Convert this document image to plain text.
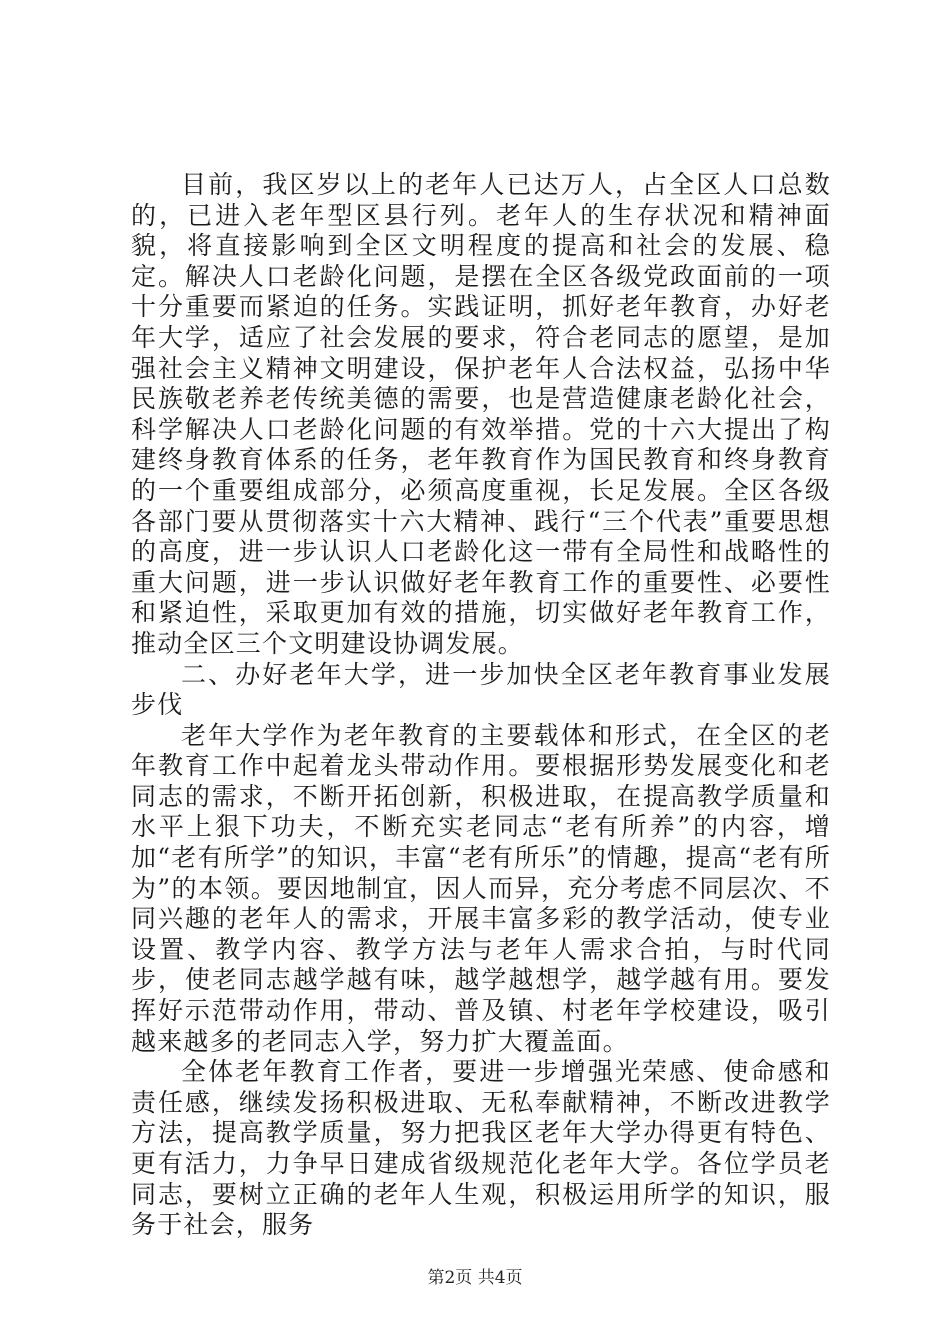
目前，我区岁以上的老年人已达万人，占全区人口总数的，已进入老年型区县行列。老年人的生存状况和精神面貌，将直接影响到全区文明程度的提高和社会的发展、稳定。解决人口老龄化问题，是摆在全区各级党政面前的一项十分重要而紧迫的任务。实践证明，抓好老年教育，办好老年大学，适应了社会发展的要求，符合老同志的愿望，是加强社会主义精神文明建设，保护老年人合法权益，弘扬中华民族敬老养老传统美德的需要，也是营造健康老龄化社会，科学解决人口老龄化问题的有效举措。党的十六大提出了构建终身教育体系的任务，老年教育作为国民教育和终身教育的一个重要组成部分，必须高度重视，长足发展。全区各级各部门要从贯彻落实十六大精神、践行“三个代表”重要思想的高度，进一步认识人口老龄化这一带有全局性和战略性的重大问题，进一步认识做好老年教育工作的重要性、必要性和紧迫性，采取更加有效的措施，切实做好老年教育工作，推动全区三个文明建设协调发展。

二、办好老年大学，进一步加快全区老年教育事业发展步伐

老年大学作为老年教育的主要载体和形式，在全区的老年教育工作中起着龙头带动作用。要根据形势发展变化和老同志的需求，不断开拓创新，积极进取，在提高教学质量和水平上狠下功夫，不断充实老同志“老有所养”的内容，增加“老有所学”的知识，丰富“老有所乐”的情趣，提高“老有所为”的本领。要因地制宜，因人而异，充分考虑不同层次、不同兴趣的老年人的需求，开展丰富多彩的教学活动，使专业设置、教学内容、教学方法与老年人需求合拍，与时代同步，使老同志越学越有味，越学越想学，越学越有用。要发挥好示范带动作用，带动、普及镇、村老年学校建设，吸引越来越多的老同志入学，努力扩大覆盖面。

全体老年教育工作者，要进一步增强光荣感、使命感和责任感，继续发扬积极进取、无私奉献精神，不断改进教学方法，提高教学质量，努力把我区老年大学办得更有特色、更有活力，力争早日建成省级规范化老年大学。各位学员老同志，要树立正确的老年人生观，积极运用所学的知识，服务于社会，服务

第2页 共4页
